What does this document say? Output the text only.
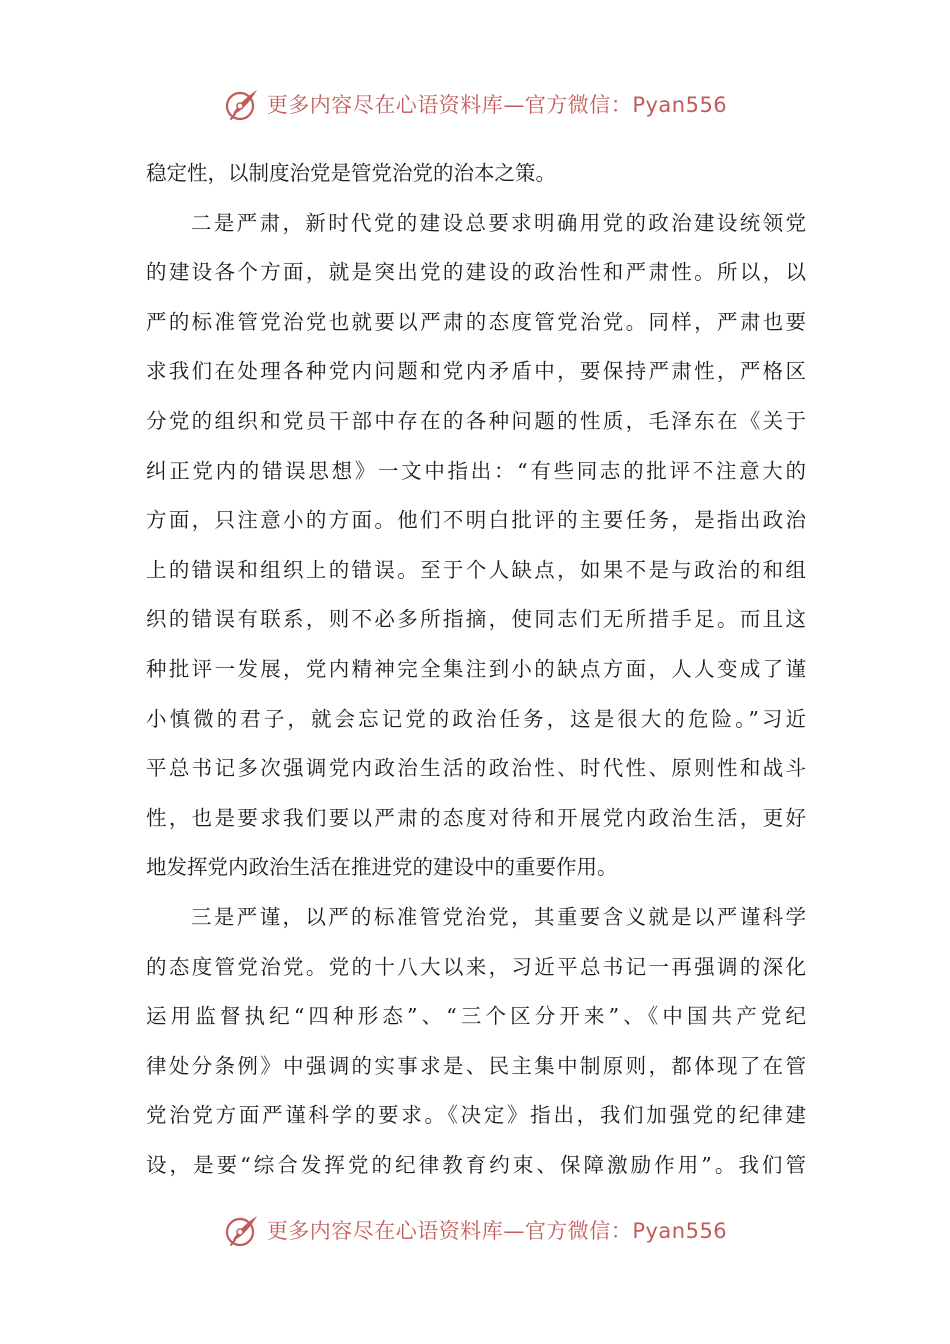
更多内容尽在心语资料库—官方微信：Pyan556
稳定性，以制度治党是管党治党的治本之策。
二是严肃，新时代党的建设总要求明确用党的政治建设统领党
的建设各个方面，就是突出党的建设的政治性和严肃性。所以，以
严的标准管党治党也就要以严肃的态度管党治党。同样，严肃也要
求我们在处理各种党内问题和党内矛盾中，要保持严肃性，严格区
分党的组织和党员干部中存在的各种问题的性质，毛泽东在《关于
纠正党内的错误思想》一文中指出：“有些同志的批评不注意大的
方面，只注意小的方面。他们不明白批评的主要任务，是指出政治
上的错误和组织上的错误。至于个人缺点，如果不是与政治的和组
织的错误有联系，则不必多所指摘，使同志们无所措手足。而且这
种批评一发展，党内精神完全集注到小的缺点方面，人人变成了谨
小慎微的君子，就会忘记党的政治任务，这是很大的危险。”习近
平总书记多次强调党内政治生活的政治性、时代性、原则性和战斗
性，也是要求我们要以严肃的态度对待和开展党内政治生活，更好
地发挥党内政治生活在推进党的建设中的重要作用。
三是严谨，以严的标准管党治党，其重要含义就是以严谨科学
的态度管党治党。党的十八大以来，习近平总书记一再强调的深化
运用监督执纪“四种形态”、“三个区分开来”、《中国共产党纪
律处分条例》中强调的实事求是、民主集中制原则，都体现了在管
党治党方面严谨科学的要求。《决定》指出，我们加强党的纪律建
设，是要“综合发挥党的纪律教育约束、保障激励作用”。我们管
更多内容尽在心语资料库—官方微信：Pyan556
